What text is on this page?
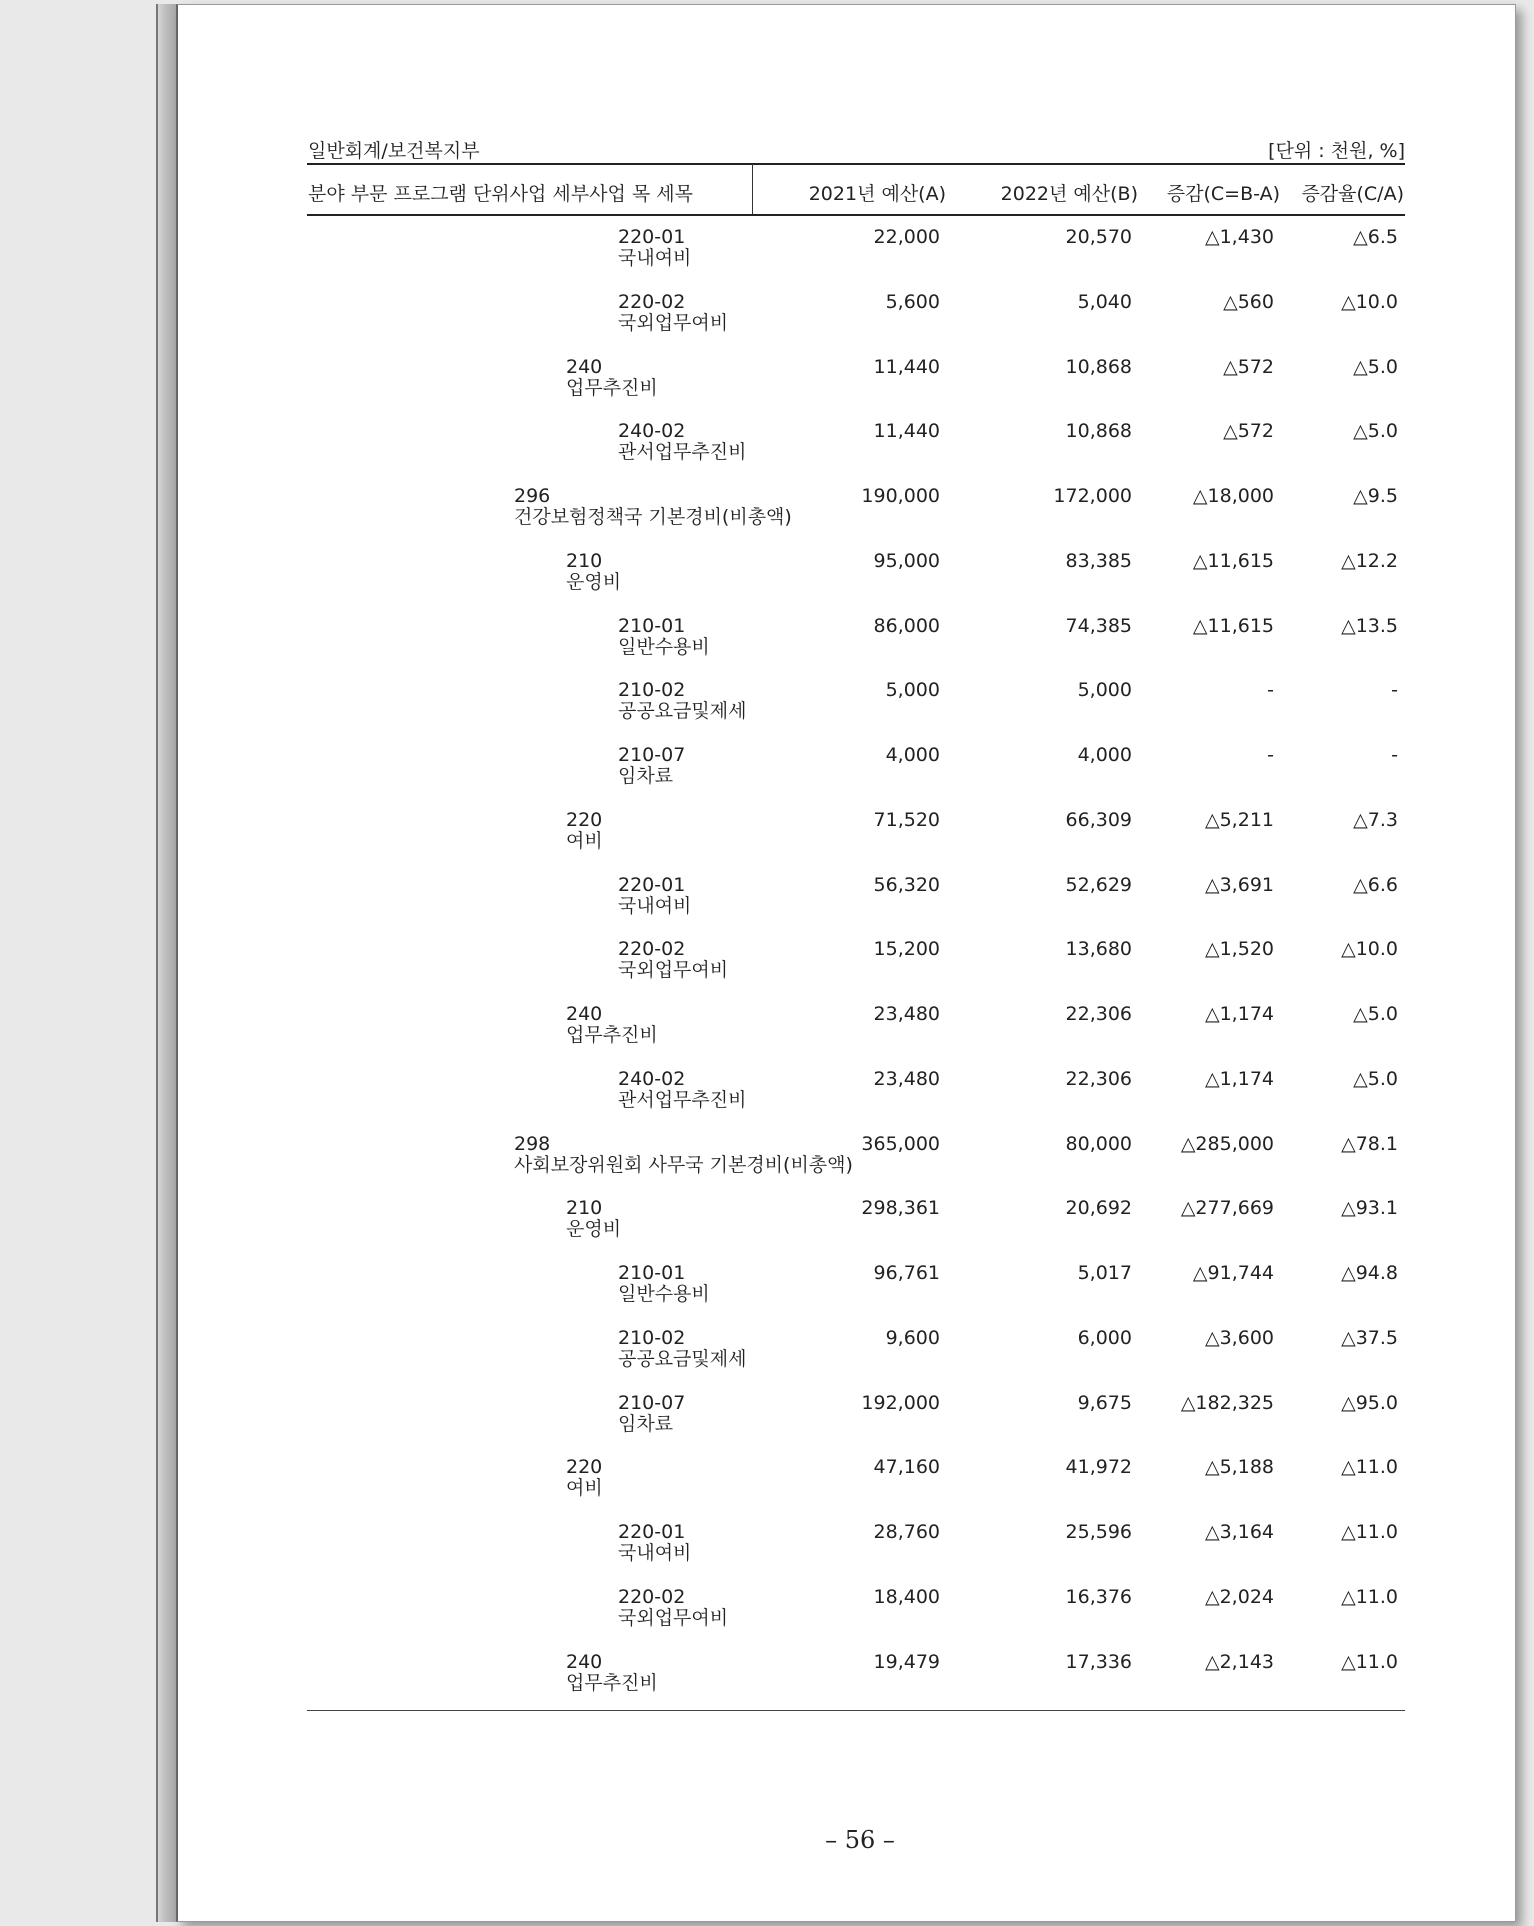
일반회계/보건복지부	[단위 : 천원, %]
분야 부문 프로그램 단위사업 세부사업 목 세목	2021년 예산(A)	2022년 예산(B)	증감(C=B-A)	증감율(C/A)
220-01
국내여비
22,000	20,570	△1,430	△6.5
220-02
국외업무여비
5,600	5,040	△560	△10.0
240
업무추진비
11,440	10,868	△572	△5.0
240-02
관서업무추진비
11,440	10,868	△572	△5.0
296
건강보험정책국 기본경비(비총액)
190,000	172,000	△18,000	△9.5
210
운영비
95,000	83,385	△11,615	△12.2
210-01
일반수용비
86,000	74,385	△11,615	△13.5
210-02
공공요금및제세
5,000	5,000	-	-
210-07
임차료
4,000	4,000	-	-
220
여비
71,520	66,309	△5,211	△7.3
220-01
국내여비
56,320	52,629	△3,691	△6.6
220-02
국외업무여비
15,200	13,680	△1,520	△10.0
240
업무추진비
23,480	22,306	△1,174	△5.0
240-02
관서업무추진비
23,480	22,306	△1,174	△5.0
298
사회보장위원회 사무국 기본경비(비총액)
365,000	80,000	△285,000	△78.1
210
운영비
298,361	20,692	△277,669	△93.1
210-01
일반수용비
96,761	5,017	△91,744	△94.8
210-02
공공요금및제세
9,600	6,000	△3,600	△37.5
210-07
임차료
192,000	9,675	△182,325	△95.0
220
여비
47,160	41,972	△5,188	△11.0
220-01
국내여비
28,760	25,596	△3,164	△11.0
220-02
국외업무여비
18,400	16,376	△2,024	△11.0
240
업무추진비
19,479	17,336	△2,143	△11.0
– 56 –
